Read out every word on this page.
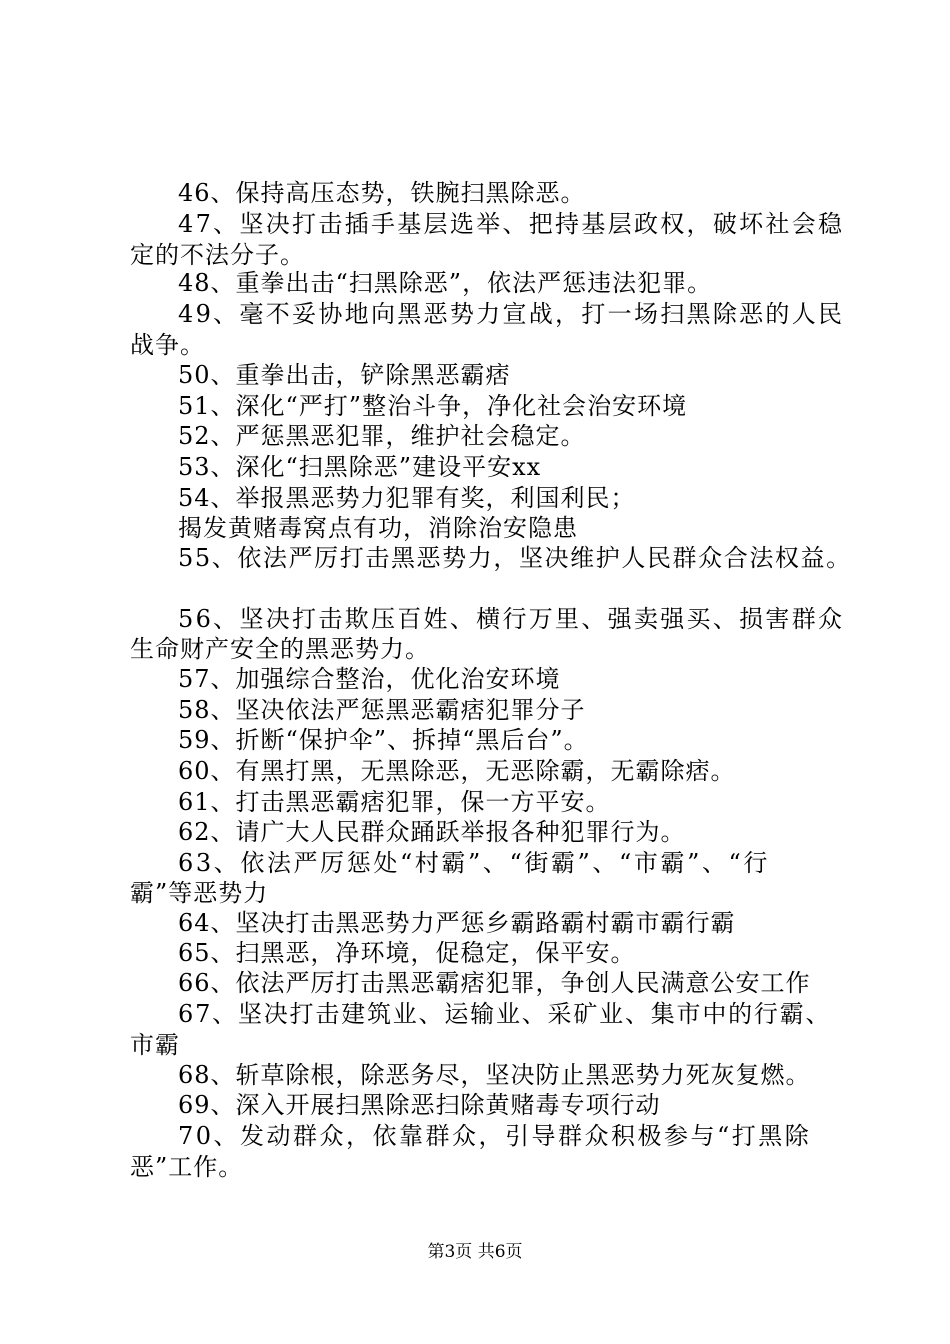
46、保持高压态势，铁腕扫黑除恶。
47、坚决打击插手基层选举、把持基层政权，破坏社会稳
定的不法分子。
48、重拳出击“扫黑除恶”，依法严惩违法犯罪。
49、毫不妥协地向黑恶势力宣战，打一场扫黑除恶的人民
战争。
50、重拳出击，铲除黑恶霸痞
51、深化“严打”整治斗争，净化社会治安环境
52、严惩黑恶犯罪，维护社会稳定。
53、深化“扫黑除恶”建设平安xx
54、举报黑恶势力犯罪有奖，利国利民；
揭发黄赌毒窝点有功，消除治安隐患
55、依法严厉打击黑恶势力，坚决维护人民群众合法权益。
56、坚决打击欺压百姓、横行万里、强卖强买、损害群众
生命财产安全的黑恶势力。
57、加强综合整治，优化治安环境
58、坚决依法严惩黑恶霸痞犯罪分子
59、折断“保护伞”、拆掉“黑后台”。
60、有黑打黑，无黑除恶，无恶除霸，无霸除痞。
61、打击黑恶霸痞犯罪，保一方平安。
62、请广大人民群众踊跃举报各种犯罪行为。
63、依法严厉惩处“村霸”、“街霸”、“市霸”、“行
霸”等恶势力
64、坚决打击黑恶势力严惩乡霸路霸村霸市霸行霸
65、扫黑恶，净环境，促稳定，保平安。
66、依法严厉打击黑恶霸痞犯罪，争创人民满意公安工作
67、坚决打击建筑业、运输业、采矿业、集市中的行霸、
市霸
68、斩草除根，除恶务尽，坚决防止黑恶势力死灰复燃。
69、深入开展扫黑除恶扫除黄赌毒专项行动
70、发动群众，依靠群众，引导群众积极参与“打黑除
恶”工作。
第3页 共6页
